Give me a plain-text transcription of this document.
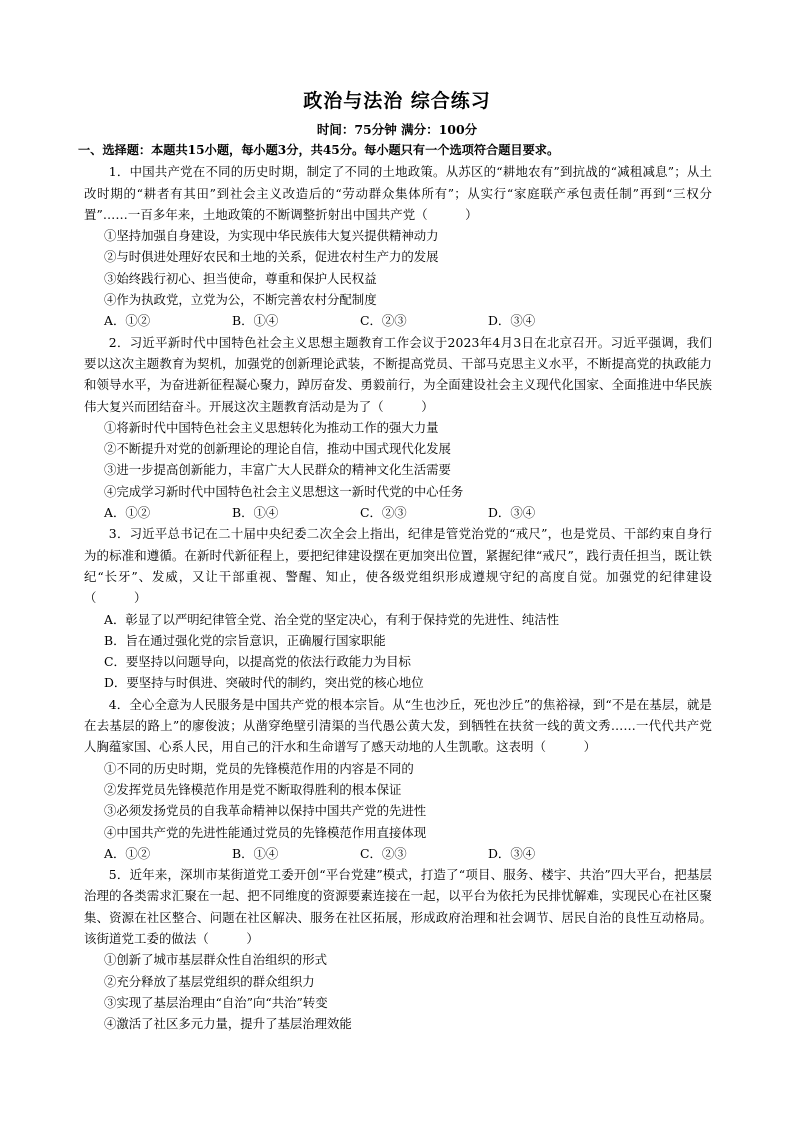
政治与法治 综合练习
时间：75分钟 满分：100分
一、选择题：本题共15小题，每小题3分，共45分。每小题只有一个选项符合题目要求。

1．中国共产党在不同的历史时期，制定了不同的土地政策。从苏区的“耕地农有”到抗战的“减租减息”；从土改时期的“耕者有其田”到社会主义改造后的“劳动群众集体所有”；从实行“家庭联产承包责任制”再到“三权分置”……一百多年来，土地政策的不断调整折射出中国共产党（　　　）

①坚持加强自身建设，为实现中华民族伟大复兴提供精神动力

②与时俱进处理好农民和土地的关系，促进农村生产力的发展

③始终践行初心、担当使命，尊重和保护人民权益

④作为执政党，立党为公，不断完善农村分配制度

A．①②	B．①④	C．②③	D．③④

2．习近平新时代中国特色社会主义思想主题教育工作会议于2023年4月3日在北京召开。习近平强调，我们要以这次主题教育为契机，加强党的创新理论武装，不断提高党员、干部马克思主义水平，不断提高党的执政能力和领导水平，为奋进新征程凝心聚力，踔厉奋发、勇毅前行，为全面建设社会主义现代化国家、全面推进中华民族伟大复兴而团结奋斗。开展这次主题教育活动是为了（　　　）

①将新时代中国特色社会主义思想转化为推动工作的强大力量

②不断提升对党的创新理论的理论自信，推动中国式现代化发展

③进一步提高创新能力，丰富广大人民群众的精神文化生活需要

④完成学习新时代中国特色社会主义思想这一新时代党的中心任务

A．①②	B．①④	C．②③	D．③④

3．习近平总书记在二十届中央纪委二次全会上指出，纪律是管党治党的“戒尺”，也是党员、干部约束自身行为的标准和遵循。在新时代新征程上，要把纪律建设摆在更加突出位置，紧握纪律“戒尺”，践行责任担当，既让铁纪“长牙”、发威，又让干部重视、警醒、知止，使各级党组织形成遵规守纪的高度自觉。加强党的纪律建设（　　　）

A．彰显了以严明纪律管全党、治全党的坚定决心，有利于保持党的先进性、纯洁性

B．旨在通过强化党的宗旨意识，正确履行国家职能

C．要坚持以问题导向，以提高党的依法行政能力为目标

D．要坚持与时俱进、突破时代的制约，突出党的核心地位

4．全心全意为人民服务是中国共产党的根本宗旨。从“生也沙丘，死也沙丘”的焦裕禄，到“不是在基层，就是在去基层的路上”的廖俊波；从凿穿绝壁引清渠的当代愚公黄大发，到牺牲在扶贫一线的黄文秀……一代代共产党人胸蕴家国、心系人民，用自己的汗水和生命谱写了感天动地的人生凯歌。这表明（　　　）

①不同的历史时期，党员的先锋模范作用的内容是不同的

②发挥党员先锋模范作用是党不断取得胜利的根本保证

③必须发扬党员的自我革命精神以保持中国共产党的先进性

④中国共产党的先进性能通过党员的先锋模范作用直接体现

A．①②	B．①④	C．②③	D．③④

5．近年来，深圳市某街道党工委开创“平台党建”模式，打造了“项目、服务、楼宇、共治”四大平台，把基层治理的各类需求汇聚在一起、把不同维度的资源要素连接在一起，以平台为依托为民排忧解难，实现民心在社区聚集、资源在社区整合、问题在社区解决、服务在社区拓展，形成政府治理和社会调节、居民自治的良性互动格局。该街道党工委的做法（　　　）

①创新了城市基层群众性自治组织的形式

②充分释放了基层党组织的群众组织力

③实现了基层治理由“自治”向“共治”转变

④激活了社区多元力量，提升了基层治理效能
